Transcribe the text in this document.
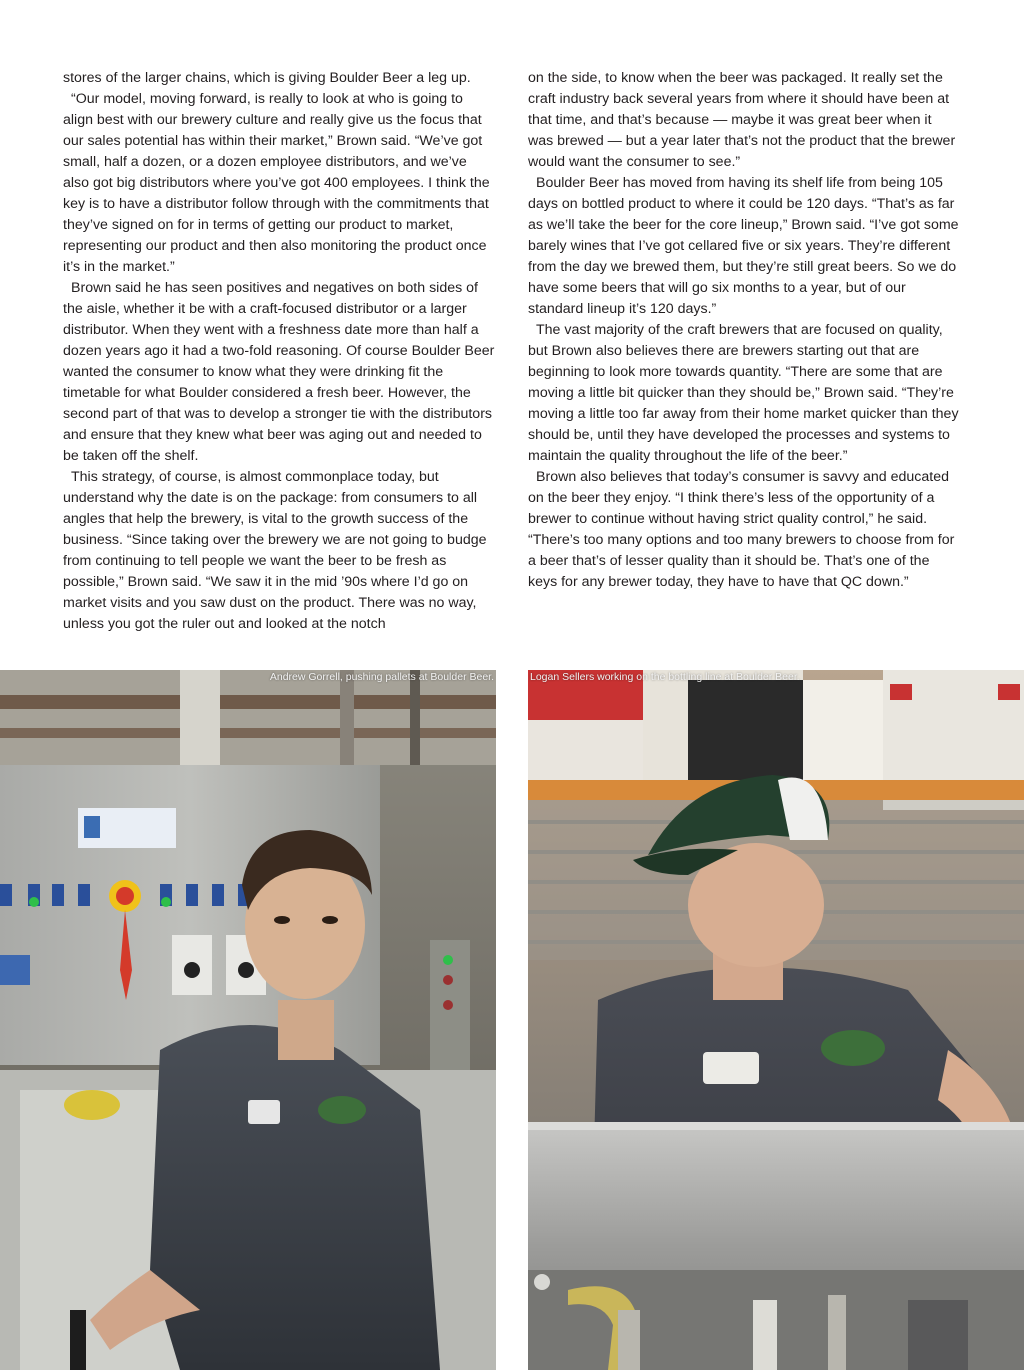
stores of the larger chains, which is giving Boulder Beer a leg up.

“Our model, moving forward, is really to look at who is going to align best with our brewery culture and really give us the focus that our sales potential has within their market,” Brown said. “We’ve got small, half a dozen, or a dozen employee distributors, and we’ve also got big distributors where you’ve got 400 employees. I think the key is to have a distributor follow through with the commitments that they’ve signed on for in terms of getting our product to market, representing our product and then also monitoring the product once it’s in the market.”

Brown said he has seen positives and negatives on both sides of the aisle, whether it be with a craft-focused distributor or a larger distributor. When they went with a freshness date more than half a dozen years ago it had a two-fold reasoning. Of course Boulder Beer wanted the consumer to know what they were drinking fit the timetable for what Boulder considered a fresh beer. However, the second part of that was to develop a stronger tie with the distributors and ensure that they knew what beer was aging out and needed to be taken off the shelf.

This strategy, of course, is almost commonplace today, but understand why the date is on the package: from consumers to all angles that help the brewery, is vital to the growth success of the business. “Since taking over the brewery we are not going to budge from continuing to tell people we want the beer to be fresh as possible,” Brown said. “We saw it in the mid ’90s where I’d go on market visits and you saw dust on the product. There was no way, unless you got the ruler out and looked at the notch

on the side, to know when the beer was packaged. It really set the craft industry back several years from where it should have been at that time, and that’s because — maybe it was great beer when it was brewed — but a year later that’s not the product that the brewer would want the consumer to see.”

Boulder Beer has moved from having its shelf life from being 105 days on bottled product to where it could be 120 days. “That’s as far as we’ll take the beer for the core lineup,” Brown said. “I’ve got some barely wines that I’ve got cellared five or six years. They’re different from the day we brewed them, but they’re still great beers. So we do have some beers that will go six months to a year, but of our standard lineup it’s 120 days.”

The vast majority of the craft brewers that are focused on quality, but Brown also believes there are brewers starting out that are beginning to look more towards quantity. “There are some that are moving a little bit quicker than they should be,” Brown said. “They’re moving a little too far away from their home market quicker than they should be, until they have developed the processes and systems to maintain the quality throughout the life of the beer.”

Brown also believes that today’s consumer is savvy and educated on the beer they enjoy. “I think there’s less of the opportunity of a brewer to continue without having strict quality control,” he said. “There’s too many options and too many brewers to choose from for a beer that’s of lesser quality than it should be. That’s one of the keys for any brewer today, they have to have that QC down.”

Andrew Gorrell, pushing pallets at Boulder Beer.	Logan Sellers working on the bottling line at Boulder Beer.
